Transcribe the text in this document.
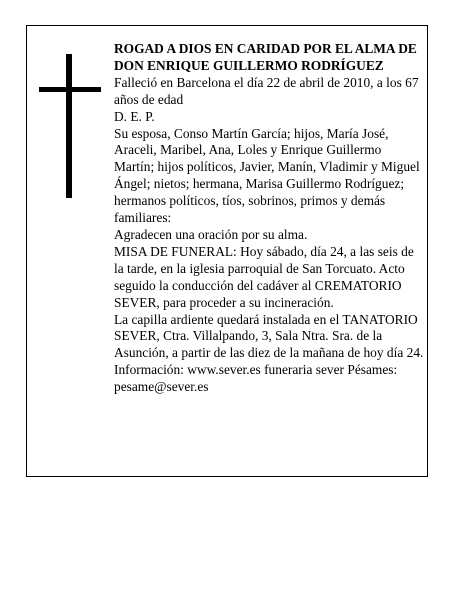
ROGAD A DIOS EN CARIDAD POR EL ALMA DE

DON ENRIQUE GUILLERMO RODRÍGUEZ

Falleció en Barcelona el día 22 de abril de 2010, a los 67 años de edad

D. E. P.

Su esposa, Conso Martín García; hijos, María José, Araceli, Maribel, Ana, Loles y Enrique Guillermo Martín; hijos políticos, Javier, Manín, Vladimir y Miguel Ángel; nietos; hermana, Marisa Guillermo Rodríguez; hermanos políticos, tíos, sobrinos, primos y demás familiares:

Agradecen una oración por su alma.

MISA DE FUNERAL: Hoy sábado, día 24, a las seis de la tarde, en la iglesia parroquial de San Torcuato. Acto seguido la conducción del cadáver al CREMATORIO SEVER, para proceder a su incineración.

La capilla ardiente quedará instalada en el TANATORIO SEVER, Ctra. Villalpando, 3, Sala Ntra. Sra. de la Asunción, a partir de las diez de la mañana de hoy día 24.

Información: www.sever.es funeraria sever Pésames: pesame@sever.es
